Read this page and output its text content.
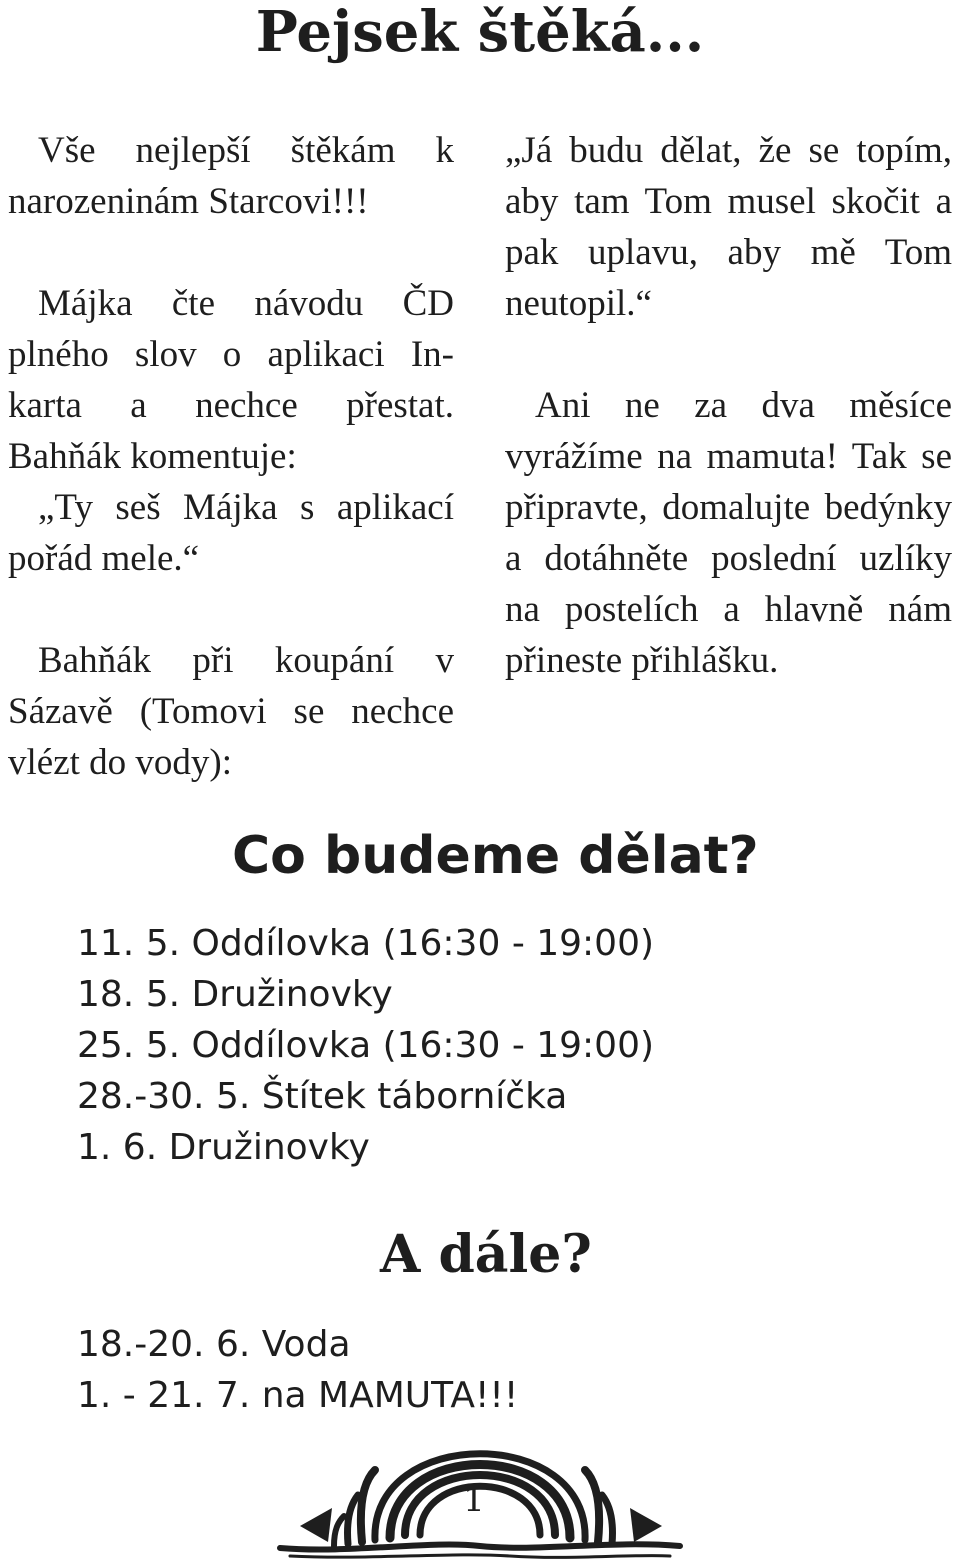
Pejsek štěká...

Vše nejlepší štěkám k narozeninám Starcovi!!!

Májka čte návodu ČD plného slov o aplikaci In-karta a nechce přestat. Bahňák komentuje:
„Ty seš Májka s aplikací pořád mele.“

Bahňák při koupání v Sázavě (Tomovi se nechce vlézt do vody):

„Já budu dělat, že se topím, aby tam Tom musel skočit a pak uplavu, aby mě Tom neutopil.“

Ani ne za dva měsíce vyrážíme na mamuta! Tak se připravte, domalujte bedýnky a dotáhněte poslední uzlíky na postelích a hlavně nám přineste přihlášku.

Co budeme dělat?
11. 5. Oddílovka (16:30 - 19:00)
18. 5. Družinovky
25. 5. Oddílovka (16:30 - 19:00)
28.-30. 5. Štítek táborníčka
1. 6. Družinovky
A dále?
18.-20. 6. Voda
1. - 21. 7. na MAMUTA!!!
1
